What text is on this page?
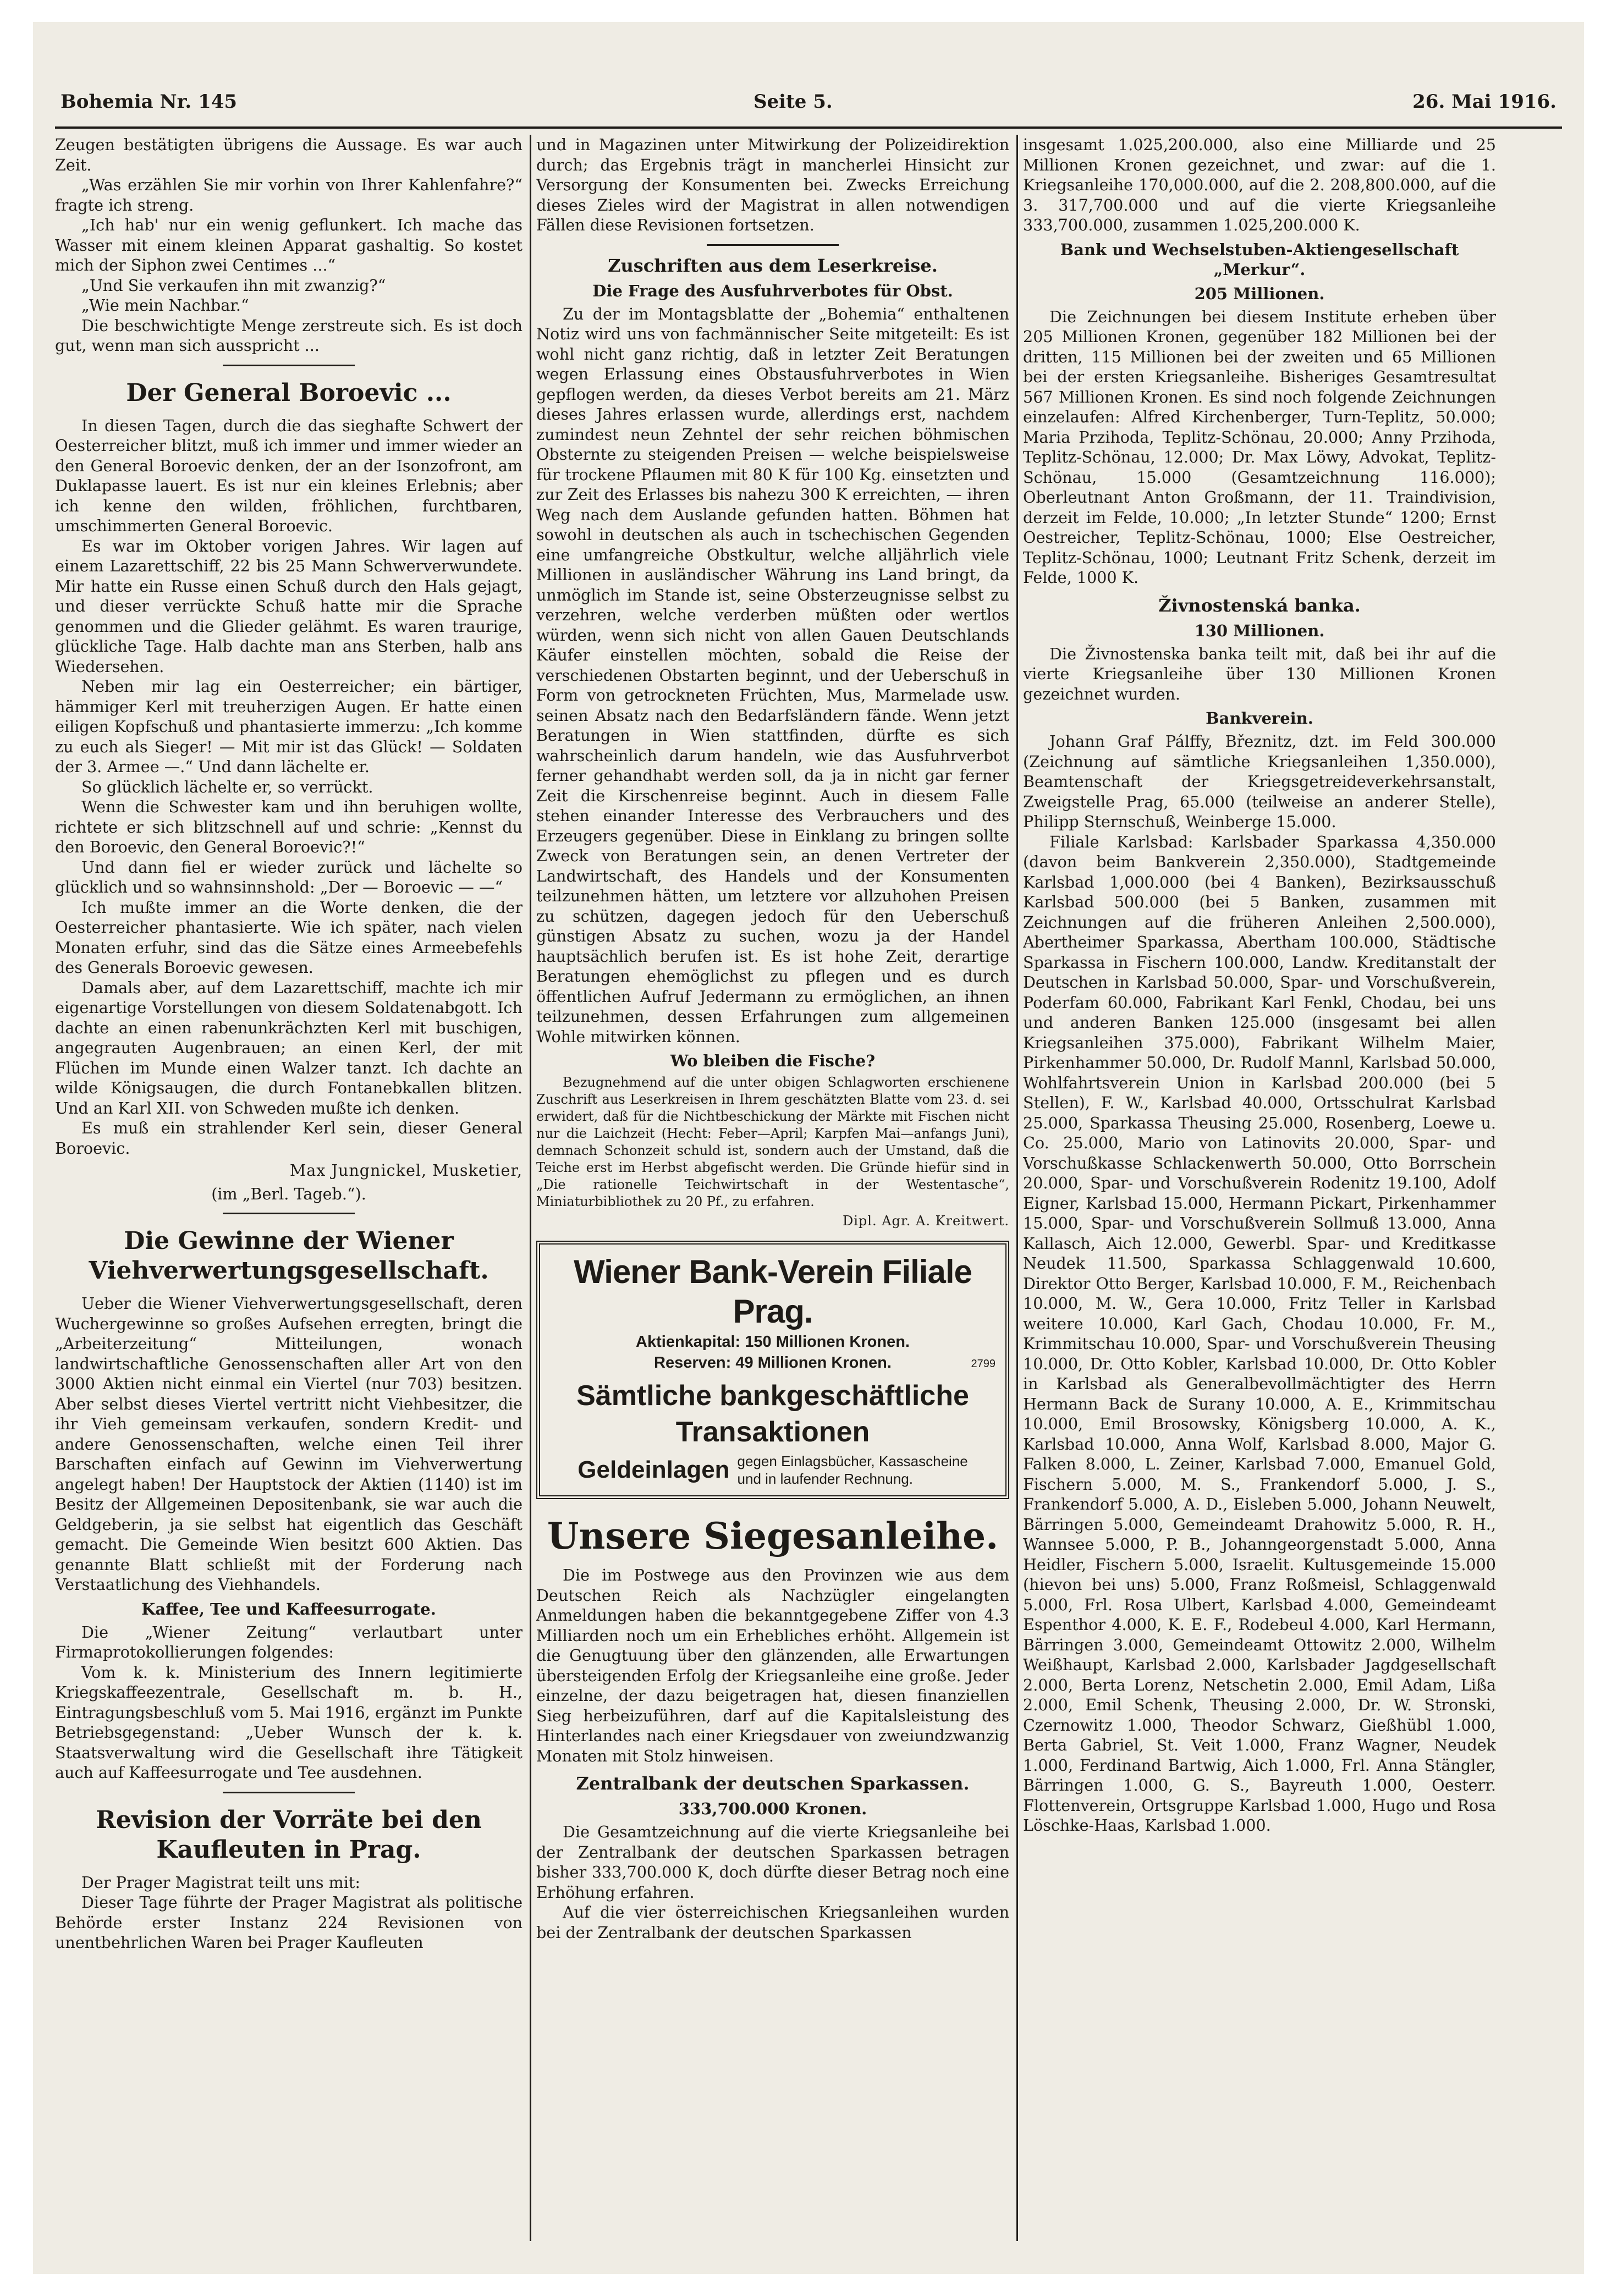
Bohemia Nr. 145	Seite 5.	26. Mai 1916.

Zeugen bestätigten übrigens die Aussage. Es war auch Zeit.

„Was erzählen Sie mir vorhin von Ihrer Kahlenfahre?“ fragte ich streng.

„Ich hab' nur ein wenig geflunkert. Ich mache das Wasser mit einem kleinen Apparat gashaltig. So kostet mich der Siphon zwei Centimes ...“

„Und Sie verkaufen ihn mit zwanzig?“

„Wie mein Nachbar.“

Die beschwichtigte Menge zerstreute sich. Es ist doch gut, wenn man sich ausspricht ...

Der General Boroevic ...

In diesen Tagen, durch die das sieghafte Schwert der Oesterreicher blitzt, muß ich immer und immer wieder an den General Boroevic denken, der an der Isonzofront, am Duklapasse lauert. Es ist nur ein kleines Erlebnis; aber ich kenne den wilden, fröhlichen, furchtbaren, umschimmerten General Boroevic.

Es war im Oktober vorigen Jahres. Wir lagen auf einem Lazarettschiff, 22 bis 25 Mann Schwerverwundete. Mir hatte ein Russe einen Schuß durch den Hals gejagt, und dieser verrückte Schuß hatte mir die Sprache genommen und die Glieder gelähmt. Es waren traurige, glückliche Tage. Halb dachte man ans Sterben, halb ans Wiedersehen.

Neben mir lag ein Oesterreicher; ein bärtiger, hämmiger Kerl mit treuherzigen Augen. Er hatte einen eiligen Kopfschuß und phantasierte immerzu: „Ich komme zu euch als Sieger! — Mit mir ist das Glück! — Soldaten der 3. Armee —.“ Und dann lächelte er.

So glücklich lächelte er, so verrückt.

Wenn die Schwester kam und ihn beruhigen wollte, richtete er sich blitzschnell auf und schrie: „Kennst du den Boroevic, den General Boroevic?!“

Und dann fiel er wieder zurück und lächelte so glücklich und so wahnsinnshold: „Der — Boroevic — —“

Ich mußte immer an die Worte denken, die der Oesterreicher phantasierte. Wie ich später, nach vielen Monaten erfuhr, sind das die Sätze eines Armeebefehls des Generals Boroevic gewesen.

Damals aber, auf dem Lazarettschiff, machte ich mir eigenartige Vorstellungen von diesem Soldatenabgott. Ich dachte an einen rabenunkrächzten Kerl mit buschigen, angegrauten Augenbrauen; an einen Kerl, der mit Flüchen im Munde einen Walzer tanzt. Ich dachte an wilde Königsaugen, die durch Fontanebkallen blitzen. Und an Karl XII. von Schweden mußte ich denken.

Es muß ein strahlender Kerl sein, dieser General Boroevic.

Max Jungnickel, Musketier,
(im „Berl. Tageb.“).
Die Gewinne der Wiener Viehverwertungsgesellschaft.

Ueber die Wiener Viehverwertungsgesellschaft, deren Wuchergewinne so großes Aufsehen erregten, bringt die „Arbeiterzeitung“ Mitteilungen, wonach landwirtschaftliche Genossenschaften aller Art von den 3000 Aktien nicht einmal ein Viertel (nur 703) besitzen. Aber selbst dieses Viertel vertritt nicht Viehbesitzer, die ihr Vieh gemeinsam verkaufen, sondern Kredit- und andere Genossenschaften, welche einen Teil ihrer Barschaften einfach auf Gewinn im Viehverwertung angelegt haben! Der Hauptstock der Aktien (1140) ist im Besitz der Allgemeinen Depositenbank, sie war auch die Geldgeberin, ja sie selbst hat eigentlich das Geschäft gemacht. Die Gemeinde Wien besitzt 600 Aktien. Das genannte Blatt schließt mit der Forderung nach Verstaatlichung des Viehhandels.

Kaffee, Tee und Kaffeesurrogate.

Die „Wiener Zeitung“ verlautbart unter Firmaprotokollierungen folgendes:

Vom k. k. Ministerium des Innern legitimierte Kriegskaffeezentrale, Gesellschaft m. b. H., Eintragungsbeschluß vom 5. Mai 1916, ergänzt im Punkte Betriebsgegenstand: „Ueber Wunsch der k. k. Staatsverwaltung wird die Gesellschaft ihre Tätigkeit auch auf Kaffeesurrogate und Tee ausdehnen.

Revision der Vorräte bei den Kaufleuten in Prag.

Der Prager Magistrat teilt uns mit:

Dieser Tage führte der Prager Magistrat als politische Behörde erster Instanz 224 Revisionen von unentbehrlichen Waren bei Prager Kaufleuten

und in Magazinen unter Mitwirkung der Polizeidirektion durch; das Ergebnis trägt in mancherlei Hinsicht zur Versorgung der Konsumenten bei. Zwecks Erreichung dieses Zieles wird der Magistrat in allen notwendigen Fällen diese Revisionen fortsetzen.

Zuschriften aus dem Leserkreise.
Die Frage des Ausfuhrverbotes für Obst.

Zu der im Montagsblatte der „Bohemia“ enthaltenen Notiz wird uns von fachmännischer Seite mitgeteilt: Es ist wohl nicht ganz richtig, daß in letzter Zeit Beratungen wegen Erlassung eines Obstausfuhrverbotes in Wien gepflogen werden, da dieses Verbot bereits am 21. März dieses Jahres erlassen wurde, allerdings erst, nachdem zumindest neun Zehntel der sehr reichen böhmischen Obsternte zu steigenden Preisen — welche beispielsweise für trockene Pflaumen mit 80 K für 100 Kg. einsetzten und zur Zeit des Erlasses bis nahezu 300 K erreichten, — ihren Weg nach dem Auslande gefunden hatten. Böhmen hat sowohl in deutschen als auch in tschechischen Gegenden eine umfangreiche Obstkultur, welche alljährlich viele Millionen in ausländischer Währung ins Land bringt, da unmöglich im Stande ist, seine Obsterzeugnisse selbst zu verzehren, welche verderben müßten oder wertlos würden, wenn sich nicht von allen Gauen Deutschlands Käufer einstellen möchten, sobald die Reise der verschiedenen Obstarten beginnt, und der Ueberschuß in Form von getrockneten Früchten, Mus, Marmelade usw. seinen Absatz nach den Bedarfsländern fände. Wenn jetzt Beratungen in Wien stattfinden, dürfte es sich wahrscheinlich darum handeln, wie das Ausfuhrverbot ferner gehandhabt werden soll, da ja in nicht gar ferner Zeit die Kirschenreise beginnt. Auch in diesem Falle stehen einander Interesse des Verbrauchers und des Erzeugers gegenüber. Diese in Einklang zu bringen sollte Zweck von Beratungen sein, an denen Vertreter der Landwirtschaft, des Handels und der Konsumenten teilzunehmen hätten, um letztere vor allzuhohen Preisen zu schützen, dagegen jedoch für den Ueberschuß günstigen Absatz zu suchen, wozu ja der Handel hauptsächlich berufen ist. Es ist hohe Zeit, derartige Beratungen ehemöglichst zu pflegen und es durch öffentlichen Aufruf Jedermann zu ermöglichen, an ihnen teilzunehmen, dessen Erfahrungen zum allgemeinen Wohle mitwirken können.

Wo bleiben die Fische?

Bezugnehmend auf die unter obigen Schlagworten erschienene Zuschrift aus Leserkreisen in Ihrem geschätzten Blatte vom 23. d. sei erwidert, daß für die Nichtbeschickung der Märkte mit Fischen nicht nur die Laichzeit (Hecht: Feber—April; Karpfen Mai—anfangs Juni), demnach Schonzeit schuld ist, sondern auch der Umstand, daß die Teiche erst im Herbst abgefischt werden. Die Gründe hiefür sind in „Die rationelle Teichwirtschaft in der Westentasche“, Miniaturbibliothek zu 20 Pf., zu erfahren.

Dipl. Agr. A. Kreitwert.
Wiener Bank-Verein Filiale Prag.
Aktienkapital: 150 Millionen Kronen.
Reserven: 49 Millionen Kronen.	2799
Sämtliche bankgeschäftliche Transaktionen
Geldeinlagen gegen Einlagsbücher, Kassascheine
und in laufender Rechnung.
Unsere Siegesanleihe.

Die im Postwege aus den Provinzen wie aus dem Deutschen Reich als Nachzügler eingelangten Anmeldungen haben die bekanntgegebene Ziffer von 4.3 Milliarden noch um ein Erhebliches erhöht. Allgemein ist die Genugtuung über den glänzenden, alle Erwartungen übersteigenden Erfolg der Kriegsanleihe eine große. Jeder einzelne, der dazu beigetragen hat, diesen finanziellen Sieg herbeizuführen, darf auf die Kapitalsleistung des Hinterlandes nach einer Kriegsdauer von zweiundzwanzig Monaten mit Stolz hinweisen.

Zentralbank der deutschen Sparkassen.
333,700.000 Kronen.

Die Gesamtzeichnung auf die vierte Kriegsanleihe bei der Zentralbank der deutschen Sparkassen betragen bisher 333,700.000 K, doch dürfte dieser Betrag noch eine Erhöhung erfahren.

Auf die vier österreichischen Kriegsanleihen wurden bei der Zentralbank der deutschen Sparkassen

insgesamt 1.025,200.000, also eine Milliarde und 25 Millionen Kronen gezeichnet, und zwar: auf die 1. Kriegsanleihe 170,000.000, auf die 2. 208,800.000, auf die 3. 317,700.000 und auf die vierte Kriegsanleihe 333,700.000, zusammen 1.025,200.000 K.

Bank und Wechselstuben-Aktiengesellschaft „Merkur“.
205 Millionen.

Die Zeichnungen bei diesem Institute erheben über 205 Millionen Kronen, gegenüber 182 Millionen bei der dritten, 115 Millionen bei der zweiten und 65 Millionen bei der ersten Kriegsanleihe. Bisheriges Gesamtresultat 567 Millionen Kronen. Es sind noch folgende Zeichnungen einzelaufen: Alfred Kirchenberger, Turn-Teplitz, 50.000; Maria Przihoda, Teplitz-Schönau, 20.000; Anny Przihoda, Teplitz-Schönau, 12.000; Dr. Max Löwy, Advokat, Teplitz-Schönau, 15.000 (Gesamtzeichnung 116.000); Oberleutnant Anton Großmann, der 11. Traindivision, derzeit im Felde, 10.000; „In letzter Stunde“ 1200; Ernst Oestreicher, Teplitz-Schönau, 1000; Else Oestreicher, Teplitz-Schönau, 1000; Leutnant Fritz Schenk, derzeit im Felde, 1000 K.

Živnostenská banka.
130 Millionen.

Die Živnostenska banka teilt mit, daß bei ihr auf die vierte Kriegsanleihe über 130 Millionen Kronen gezeichnet wurden.

Bankverein.

Johann Graf Pálffy, Březnitz, dzt. im Feld 300.000 (Zeichnung auf sämtliche Kriegsanleihen 1,350.000), Beamtenschaft der Kriegsgetreideverkehrsanstalt, Zweigstelle Prag, 65.000 (teilweise an anderer Stelle), Philipp Sternschuß, Weinberge 15.000.

Filiale Karlsbad: Karlsbader Sparkassa 4,350.000 (davon beim Bankverein 2,350.000), Stadtgemeinde Karlsbad 1,000.000 (bei 4 Banken), Bezirksausschuß Karlsbad 500.000 (bei 5 Banken, zusammen mit Zeichnungen auf die früheren Anleihen 2,500.000), Abertheimer Sparkassa, Abertham 100.000, Städtische Sparkassa in Fischern 100.000, Landw. Kreditanstalt der Deutschen in Karlsbad 50.000, Spar- und Vorschußverein, Poderfam 60.000, Fabrikant Karl Fenkl, Chodau, bei uns und anderen Banken 125.000 (insgesamt bei allen Kriegsanleihen 375.000), Fabrikant Wilhelm Maier, Pirkenhammer 50.000, Dr. Rudolf Mannl, Karlsbad 50.000, Wohlfahrtsverein Union in Karlsbad 200.000 (bei 5 Stellen), F. W., Karlsbad 40.000, Ortsschulrat Karlsbad 25.000, Sparkassa Theusing 25.000, Rosenberg, Loewe u. Co. 25.000, Mario von Latinovits 20.000, Spar- und Vorschußkasse Schlackenwerth 50.000, Otto Borrschein 20.000, Spar- und Vorschußverein Rodenitz 19.100, Adolf Eigner, Karlsbad 15.000, Hermann Pickart, Pirkenhammer 15.000, Spar- und Vorschußverein Sollmuß 13.000, Anna Kallasch, Aich 12.000, Gewerbl. Spar- und Kreditkasse Neudek 11.500, Sparkassa Schlaggenwald 10.600, Direktor Otto Berger, Karlsbad 10.000, F. M., Reichenbach 10.000, M. W., Gera 10.000, Fritz Teller in Karlsbad weitere 10.000, Karl Gach, Chodau 10.000, Fr. M., Krimmitschau 10.000, Spar- und Vorschußverein Theusing 10.000, Dr. Otto Kobler, Karlsbad 10.000, Dr. Otto Kobler in Karlsbad als Generalbevollmächtigter des Herrn Hermann Back de Surany 10.000, A. E., Krimmitschau 10.000, Emil Brosowsky, Königsberg 10.000, A. K., Karlsbad 10.000, Anna Wolf, Karlsbad 8.000, Major G. Falken 8.000, L. Zeiner, Karlsbad 7.000, Emanuel Gold, Fischern 5.000, M. S., Frankendorf 5.000, J. S., Frankendorf 5.000, A. D., Eisleben 5.000, Johann Neuwelt, Bärringen 5.000, Gemeindeamt Drahowitz 5.000, R. H., Wannsee 5.000, P. B., Johanngeorgenstadt 5.000, Anna Heidler, Fischern 5.000, Israelit. Kultusgemeinde 15.000 (hievon bei uns) 5.000, Franz Roßmeisl, Schlaggenwald 5.000, Frl. Rosa Ulbert, Karlsbad 4.000, Gemeindeamt Espenthor 4.000, K. E. F., Rodebeul 4.000, Karl Hermann, Bärringen 3.000, Gemeindeamt Ottowitz 2.000, Wilhelm Weißhaupt, Karlsbad 2.000, Karlsbader Jagdgesellschaft 2.000, Berta Lorenz, Netschetin 2.000, Emil Adam, Lißa 2.000, Emil Schenk, Theusing 2.000, Dr. W. Stronski, Czernowitz 1.000, Theodor Schwarz, Gießhübl 1.000, Berta Gabriel, St. Veit 1.000, Franz Wagner, Neudek 1.000, Ferdinand Bartwig, Aich 1.000, Frl. Anna Stängler, Bärringen 1.000, G. S., Bayreuth 1.000, Oesterr. Flottenverein, Ortsgruppe Karlsbad 1.000, Hugo und Rosa Löschke-Haas, Karlsbad 1.000.
